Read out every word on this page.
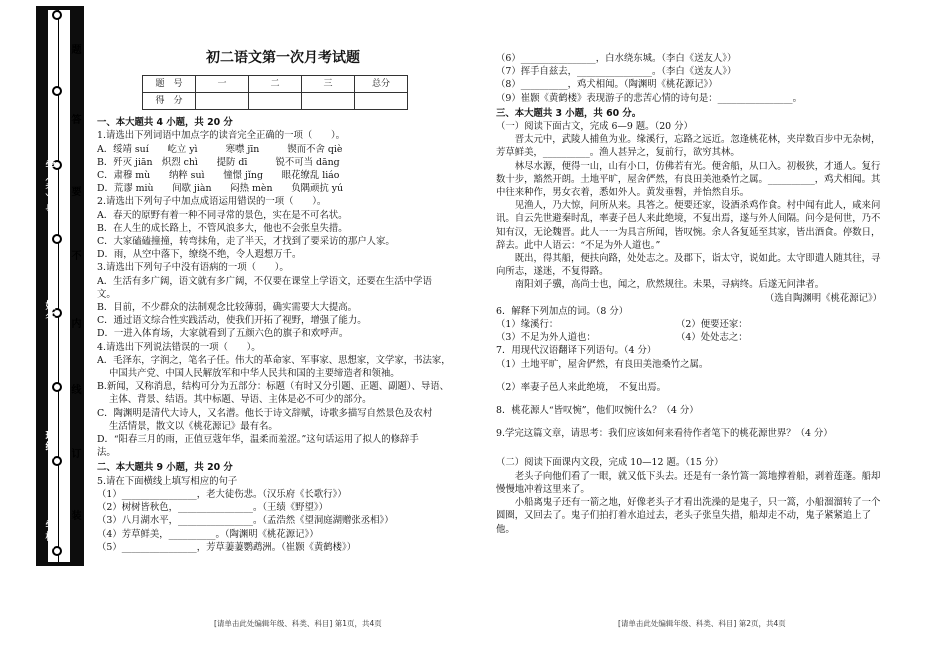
学校：
班级：
姓名：
学（考）号：
题
答
要
不
内
线
订
装
初二语文第一次月考试题
题　号	一	二	三	总分
得　分				
一、本大题共 4 小题，共 20 分
1.请选出下列词语中加点字的读音完全正确的一项（　　）。
A．绥靖 suí　　屹立 yì　　　寒噤 jīn　　　锲而不舍 qiè
B．歼灭 jiān　炽烈 chì　　提防 dī　　　锐不可当 dāng
C．肃穆 mù　　纳粹 suì　　憧憬 jǐng　　眼花缭乱 liáo
D．荒谬 miù　　间歇 jiàn　　闷热 mèn　　负隅顽抗 yú
2.请选出下列句子中加点成语运用错误的一项（　　）。
A．春天的原野有着一种不同寻常的景色，实在是不可名状。
B．在人生的成长路上，不管风浪多大，他也不会张皇失措。
C．大家磕磕撞撞，转弯抹角，走了半天，才找到了要采访的那户人家。
D．雨，从空中落下，缭绕不绝，令人遐想万千。
3.请选出下列句子中没有语病的一项（　　）。
A．生活有多广阔，语文就有多广阔，不仅要在课堂上学语文，还要在生活中学语
文。
B．目前，不少群众的法制观念比较薄弱，确实需要大大提高。
C．通过语文综合性实践活动，使我们开拓了视野，增强了能力。
D．一进入体育场，大家就看到了五颜六色的旗子和欢呼声。
4.请选出下列说法错误的一项（　　）。
A．毛泽东，字润之，笔名子任。伟大的革命家、军事家、思想家，文学家，书法家，
中国共产党、中国人民解放军和中华人民共和国的主要缔造者和领袖。
B.新闻，又称消息，结构可分为五部分：标题（有时又分引题、正题、副题）、导语、
主体、背景、结语。其中标题、导语、主体是必不可少的部分。
C．陶渊明是清代大诗人，又名潜。他长于诗文辞赋，诗歌多描写自然景色及农村
生活情景，散文以《桃花源记》最有名。
D．“阳春三月的雨，正值豆蔻年华，温柔而羞涩。”这句话运用了拟人的修辞手
法。
二、本大题共 9 小题，共 20 分
5.请在下面横线上填写相应的句子
（1）________________，老大徒伤悲。（汉乐府《长歌行》）
（2）树树皆秋色，________________。（王绩《野望》）
（3）八月湖水平，________________。（孟浩然《望洞庭湖赠张丞相》）
（4）芳草鲜美，__________。（陶渊明《桃花源记》）
（5）________________，芳草萋萋鹦鹉洲。（崔颢《黄鹤楼》）
（6）________________，白水绕东城。（李白《送友人》）
（7）挥手自兹去，________________。（李白《送友人》）
（8）__________，鸡犬相闻。（陶渊明《桃花源记》）
（9）崔颢《黄鹤楼》表现游子的悲苦心情的诗句是：________________。
三、本大题共 3 小题，共 60 分。
（一）阅读下面古文，完成 6—9 题。（20 分）
晋太元中，武陵人捕鱼为业。缘溪行，忘路之远近。忽逢桃花林，夹岸数百步中无杂树，芳草鲜美，__________。渔人甚异之，复前行，欲穷其林。
林尽水源，便得一山，山有小口，仿佛若有光。便舍船，从口入。初极狭，才通人。复行数十步，豁然开朗。土地平旷，屋舍俨然，有良田美池桑竹之属。__________，鸡犬相闻。其中往来种作，男女衣着，悉如外人。黄发垂髫，并怡然自乐。
见渔人，乃大惊，问所从来。具答之。便要还家，设酒杀鸡作食。村中闻有此人，咸来问讯。自云先世避秦时乱，率妻子邑人来此绝境，不复出焉，遂与外人间隔。问今是何世，乃不知有汉，无论魏晋。此人一一为具言所闻，皆叹惋。余人各复延至其家，皆出酒食。停数日，辞去。此中人语云：“不足为外人道也。”
既出，得其船，便扶向路，处处志之。及郡下，诣太守，说如此。太守即遣人随其往，寻向所志，遂迷，不复得路。
南阳刘子骥，高尚士也，闻之，欣然规往。未果，寻病终。后遂无问津者。
（选自陶渊明《桃花源记》）
6．解释下列加点的词。（8 分）
（1）缘溪行：	（2）便要还家：
（3）不足为外人道也：	（4）处处志之：
7．用现代汉语翻译下列语句。（4 分）
（1）土地平旷，屋舍俨然，有良田美池桑竹之属。
（2）率妻子邑人来此绝境，　不复出焉。
8．桃花源人“皆叹惋”，他们叹惋什么？（4 分）
9.学完这篇文章，请思考：我们应该如何来看待作者笔下的桃花源世界？（4 分）
（二）阅读下面课内文段，完成 10—12 题。（15 分）
老头子向他们看了一眼，就又低下头去。还是有一条竹篙一篙地撑着船，剥着莲蓬。船却慢慢地冲着这里来了。
小船离鬼子还有一箭之地，好像老头子才看出洗澡的是鬼子，只一篙，小船溜溜转了一个圆圈，又回去了。鬼子们拍打着水追过去，老头子张皇失措，船却走不动，鬼子紧紧追上了他。
[请单击此处编辑年级、科类、科目] 第1页，共4页	[请单击此处编辑年级、科类、科目] 第2页，共4页
